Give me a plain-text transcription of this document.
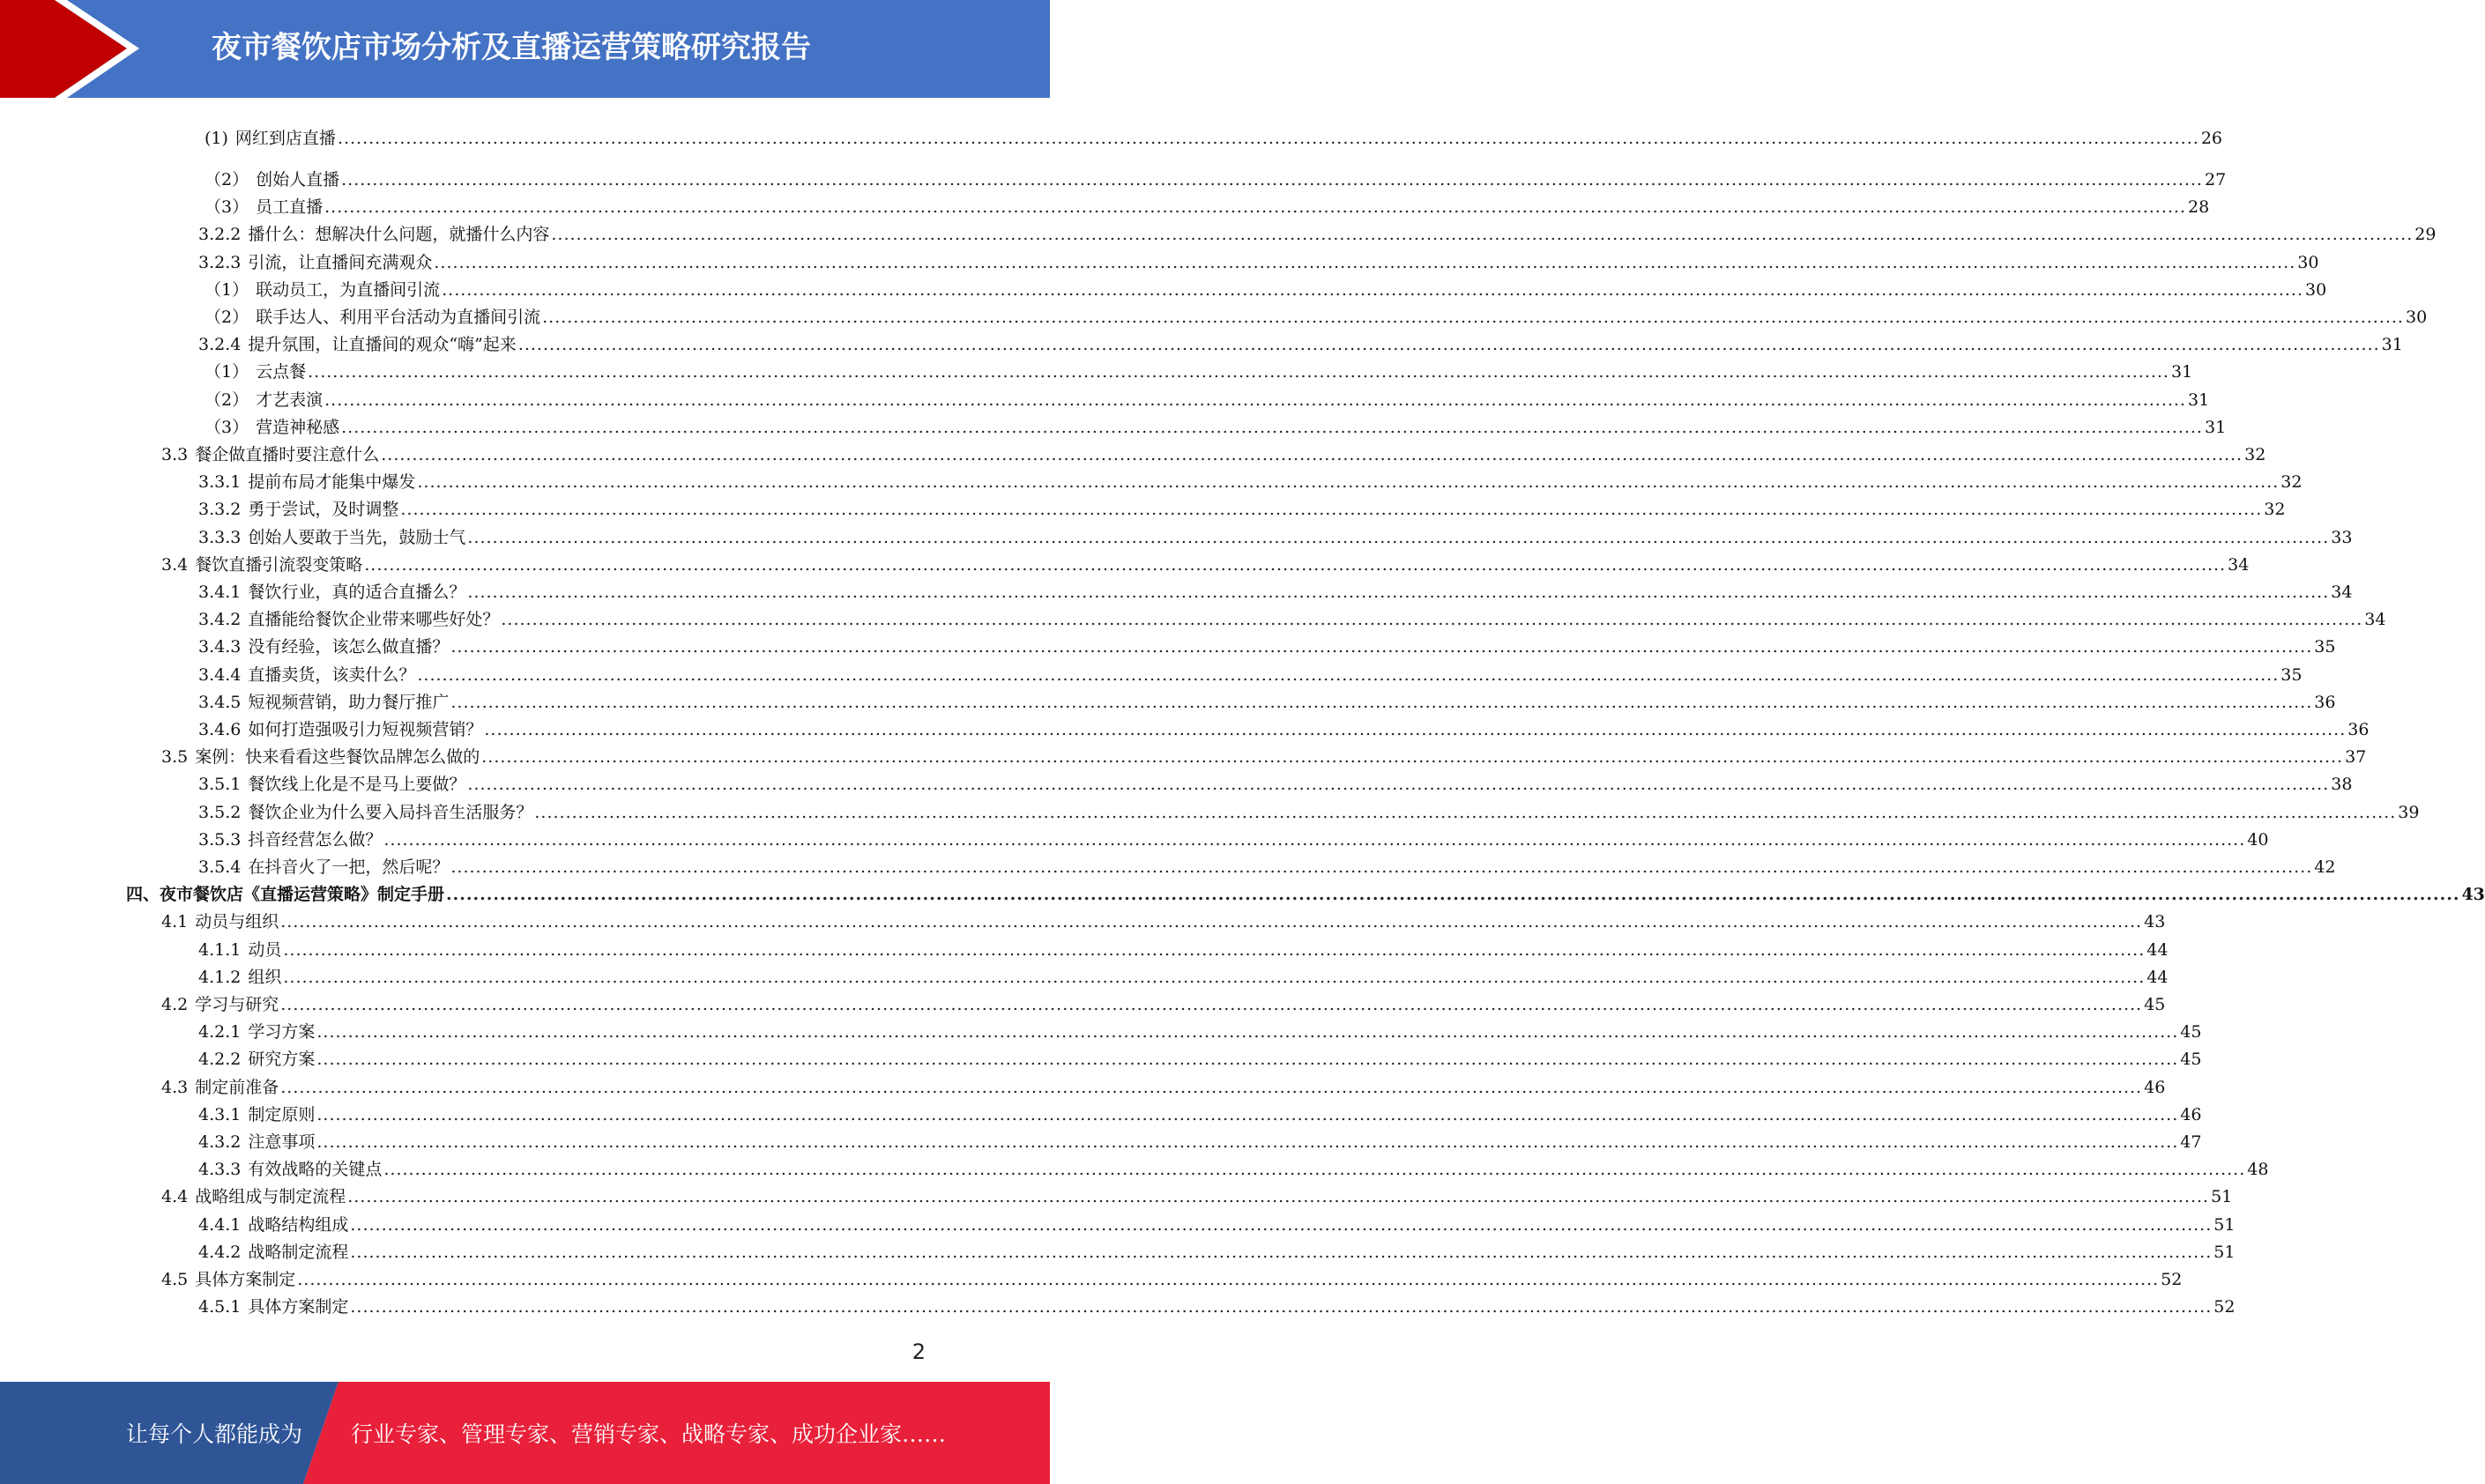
夜市餐饮店市场分析及直播运营策略研究报告
(1) 网红到店直播 ............................................................................................................................................................................................................................................................................................................ 26
（2） 创始人直播 ............................................................................................................................................................................................................................................................................................................ 27
（3） 员工直播 ............................................................................................................................................................................................................................................................................................................ 28
3.2.2 播什么：想解决什么问题，就播什么内容 ............................................................................................................................................................................................................................................................................................................ 29
3.2.3 引流，让直播间充满观众 ............................................................................................................................................................................................................................................................................................................ 30
（1） 联动员工，为直播间引流 ............................................................................................................................................................................................................................................................................................................ 30
（2） 联手达人、利用平台活动为直播间引流 ............................................................................................................................................................................................................................................................................................................ 30
3.2.4 提升氛围，让直播间的观众“嗨”起来 ............................................................................................................................................................................................................................................................................................................ 31
（1） 云点餐 ............................................................................................................................................................................................................................................................................................................ 31
（2） 才艺表演 ............................................................................................................................................................................................................................................................................................................ 31
（3） 营造神秘感 ............................................................................................................................................................................................................................................................................................................ 31
3.3 餐企做直播时要注意什么 ............................................................................................................................................................................................................................................................................................................ 32
3.3.1 提前布局才能集中爆发 ............................................................................................................................................................................................................................................................................................................ 32
3.3.2 勇于尝试，及时调整 ............................................................................................................................................................................................................................................................................................................ 32
3.3.3 创始人要敢于当先，鼓励士气 ............................................................................................................................................................................................................................................................................................................ 33
3.4 餐饮直播引流裂变策略 ............................................................................................................................................................................................................................................................................................................ 34
3.4.1 餐饮行业，真的适合直播么？ ............................................................................................................................................................................................................................................................................................................ 34
3.4.2 直播能给餐饮企业带来哪些好处？ ............................................................................................................................................................................................................................................................................................................ 34
3.4.3 没有经验，该怎么做直播？ ............................................................................................................................................................................................................................................................................................................ 35
3.4.4 直播卖货，该卖什么？ ............................................................................................................................................................................................................................................................................................................ 35
3.4.5 短视频营销，助力餐厅推广 ............................................................................................................................................................................................................................................................................................................ 36
3.4.6 如何打造强吸引力短视频营销？ ............................................................................................................................................................................................................................................................................................................ 36
3.5 案例：快来看看这些餐饮品牌怎么做的 ............................................................................................................................................................................................................................................................................................................ 37
3.5.1 餐饮线上化是不是马上要做？ ............................................................................................................................................................................................................................................................................................................ 38
3.5.2 餐饮企业为什么要入局抖音生活服务？ ............................................................................................................................................................................................................................................................................................................ 39
3.5.3 抖音经营怎么做？ ............................................................................................................................................................................................................................................................................................................ 40
3.5.4 在抖音火了一把，然后呢？ ............................................................................................................................................................................................................................................................................................................ 42
四、夜市餐饮店《直播运营策略》制定手册 ............................................................................................................................................................................................................................................................................................................ 43
4.1 动员与组织 ............................................................................................................................................................................................................................................................................................................ 43
4.1.1 动员 ............................................................................................................................................................................................................................................................................................................ 44
4.1.2 组织 ............................................................................................................................................................................................................................................................................................................ 44
4.2 学习与研究 ............................................................................................................................................................................................................................................................................................................ 45
4.2.1 学习方案 ............................................................................................................................................................................................................................................................................................................ 45
4.2.2 研究方案 ............................................................................................................................................................................................................................................................................................................ 45
4.3 制定前准备 ............................................................................................................................................................................................................................................................................................................ 46
4.3.1 制定原则 ............................................................................................................................................................................................................................................................................................................ 46
4.3.2 注意事项 ............................................................................................................................................................................................................................................................................................................ 47
4.3.3 有效战略的关键点 ............................................................................................................................................................................................................................................................................................................ 48
4.4 战略组成与制定流程 ............................................................................................................................................................................................................................................................................................................ 51
4.4.1 战略结构组成 ............................................................................................................................................................................................................................................................................................................ 51
4.4.2 战略制定流程 ............................................................................................................................................................................................................................................................................................................ 51
4.5 具体方案制定 ............................................................................................................................................................................................................................................................................................................ 52
4.5.1 具体方案制定 ............................................................................................................................................................................................................................................................................................................ 52
2
让每个人都能成为 行业专家、管理专家、营销专家、战略专家、成功企业家……
